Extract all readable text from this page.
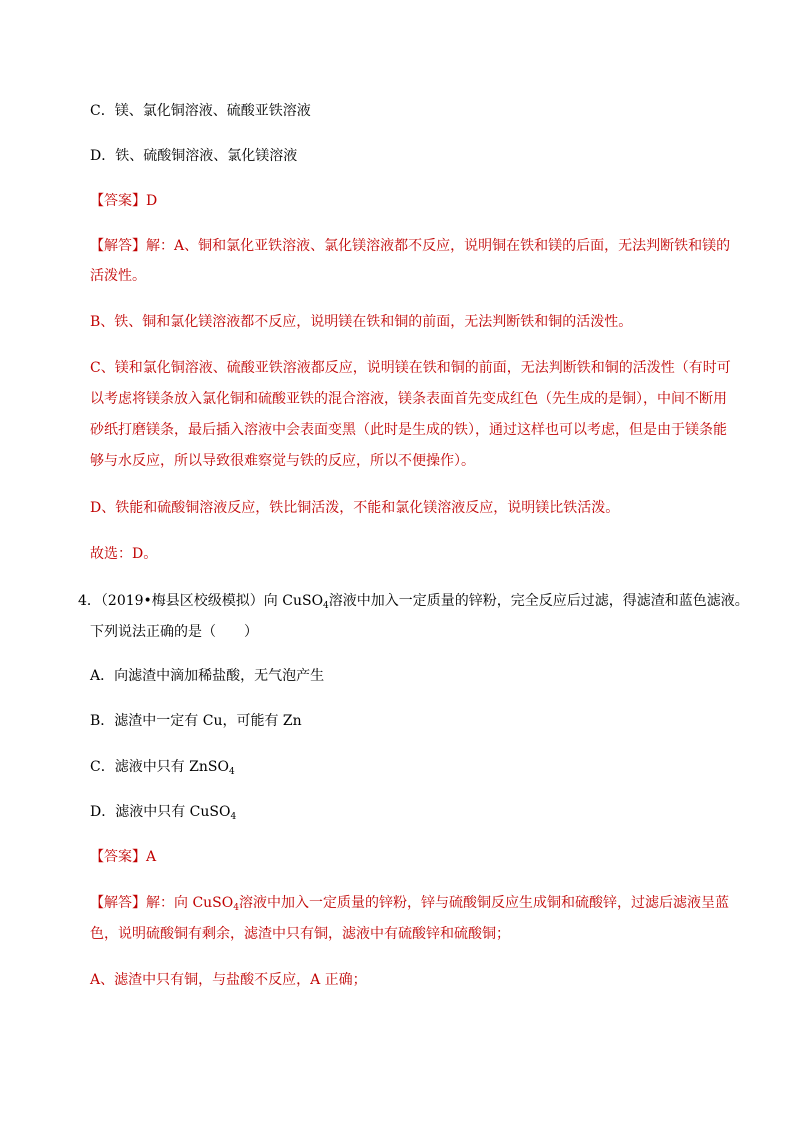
C．镁、氯化铜溶液、硫酸亚铁溶液
D．铁、硫酸铜溶液、氯化镁溶液
【答案】D
【解答】解：A、铜和氯化亚铁溶液、氯化镁溶液都不反应，说明铜在铁和镁的后面，无法判断铁和镁的
活泼性。
B、铁、铜和氯化镁溶液都不反应，说明镁在铁和铜的前面，无法判断铁和铜的活泼性。
C、镁和氯化铜溶液、硫酸亚铁溶液都反应，说明镁在铁和铜的前面，无法判断铁和铜的活泼性（有时可
以考虑将镁条放入氯化铜和硫酸亚铁的混合溶液，镁条表面首先变成红色（先生成的是铜），中间不断用
砂纸打磨镁条，最后插入溶液中会表面变黑（此时是生成的铁），通过这样也可以考虑，但是由于镁条能
够与水反应，所以导致很难察觉与铁的反应，所以不便操作）。
D、铁能和硫酸铜溶液反应，铁比铜活泼，不能和氯化镁溶液反应，说明镁比铁活泼。
故选：D。
4．（2019•梅县区校级模拟）向 CuSO$_4$溶液中加入一定质量的锌粉，完全反应后过滤，得滤渣和蓝色滤液。
下列说法正确的是（　　）
A．向滤渣中滴加稀盐酸，无气泡产生
B．滤渣中一定有 Cu，可能有 Zn
C．滤液中只有 ZnSO$_4$
D．滤液中只有 CuSO$_4$
【答案】A
【解答】解：向 CuSO$_4$溶液中加入一定质量的锌粉，锌与硫酸铜反应生成铜和硫酸锌，过滤后滤液呈蓝
色，说明硫酸铜有剩余，滤渣中只有铜，滤液中有硫酸锌和硫酸铜；
A、滤渣中只有铜，与盐酸不反应，A 正确；
